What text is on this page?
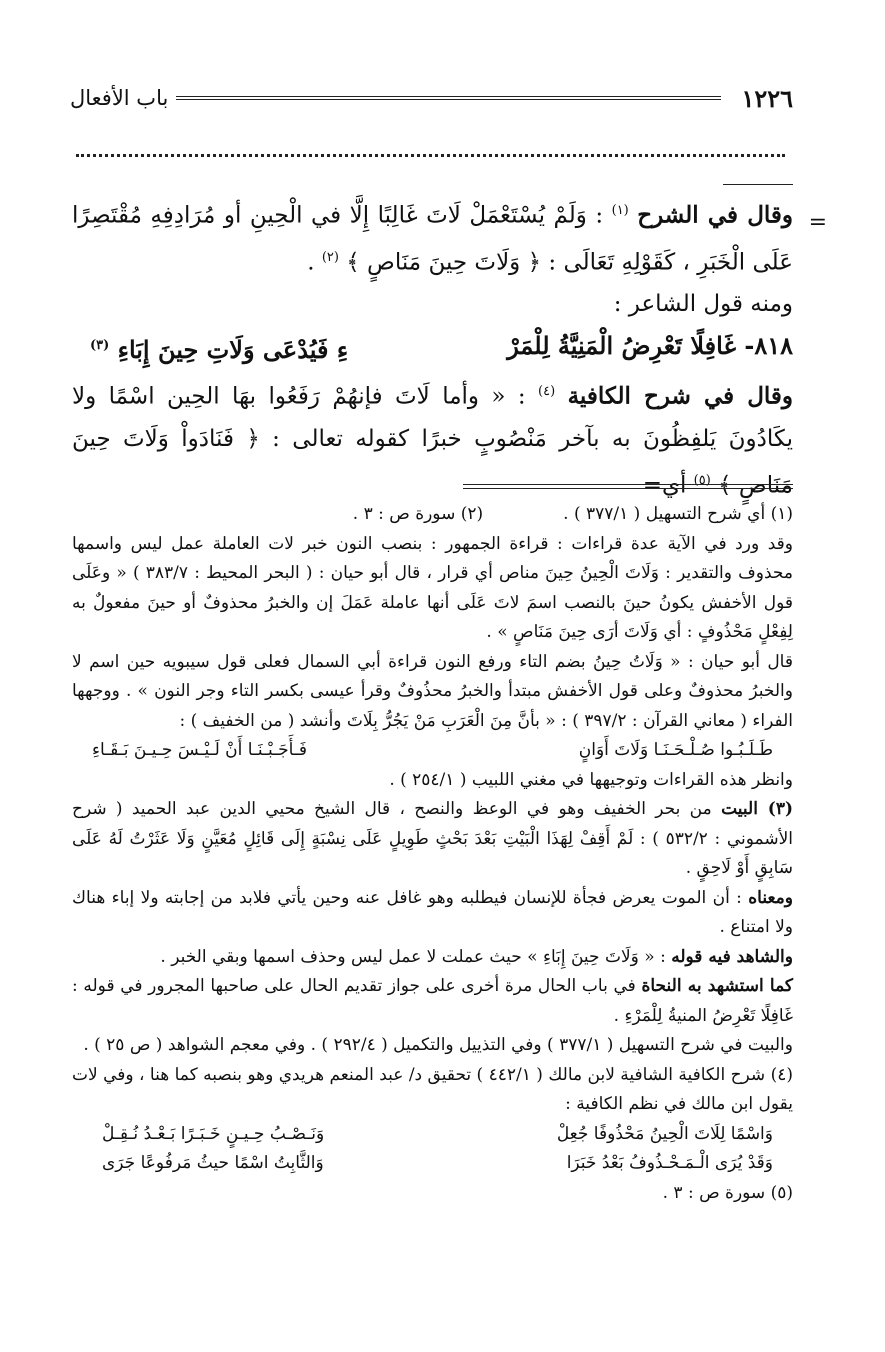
١٢٢٦
باب الأفعال
=

وقال في الشرح $^{(١)}$ : وَلَمْ يُسْتَعْمَلْ لَاتَ غَالِبًا إِلَّا في الْحِينِ أو مُرَادِفِهِ مُقْتَصِرًا عَلَى الْخَبَرِ ، كَقَوْلِهِ تَعَالَى : ﴿ وَلَاتَ حِينَ مَنَاصٍ ﴾ $^{(٢)}$ .

ومنه قول الشاعر :

٨١٨- غَافِلًا تَعْرِضُ الْمَنِيَّةُ لِلْمَرْ
ءِ فَيُدْعَى وَلَاتِ حِينَ إِبَاءِ $^{(٣)}$

وقال في شرح الكافية $^{(٤)}$ : « وأما لَاتَ فإنهُمْ رَفَعُوا بهَا الحِين اسْمًا ولا يكَادُونَ يَلفِظُونَ به بآخر مَنْصُوبٍ خبرًا كقوله تعالى : ﴿ فَنَادَواْ وَلَاتَ حِينَ مَنَاصٍ ﴾ $^{(٥)}$ أي=

(١) أي شرح التسهيل ( ٣٧٧/١ ) .
(٢) سورة ص : ٣ .

وقد ورد في الآية عدة قراءات : قراءة الجمهور : بنصب النون خبر لات العاملة عمل ليس واسمها محذوف والتقدير : وَلَاتَ الْحِينُ حِينَ مناص أي قرار ، قال أبو حيان : ( البحر المحيط : ٣٨٣/٧ ) « وعَلَى قول الأخفش يكونُ حينَ بالنصب اسمَ لاتَ عَلَى أنها عاملة عَمَلَ إن والخبرُ محذوفٌ أو حينَ مفعولٌ به لِفِعْلٍ مَحْذُوفٍ : أي وَلَاتَ أرَى حِينَ مَنَاصٍ » .

قال أبو حيان : « وَلَاتُ حِينُ بضم التاء ورفع النون قراءة أبي السمال فعلى قول سيبويه حين اسم لا والخبرُ محذوفٌ وعلى قول الأخفش مبتدأ والخبرُ محذُوفٌ وقرأ عيسى بكسر التاء وجر النون » . ووجهها الفراء ( معاني القرآن : ٣٩٧/٢ ) : « بأنَّ مِنَ الْعَرَبِ مَنْ يَجُرُّ بِلَاتَ وأنشد ( من الخفيف ) :

طَـلَـبُـوا صُـلْـحَـنَـا وَلَاتَ أَوَانٍ
فَـأَجَـبْـنَـا أَنْ لَـيْـسَ حِـيـنَ بَـقَـاءِ

وانظر هذه القراءات وتوجيهها في مغني اللبيب ( ٢٥٤/١ ) .

(٣) البيت من بحر الخفيف وهو في الوعظ والنصح ، قال الشيخ محيي الدين عبد الحميد ( شرح الأشموني : ٥٣٢/٢ ) : لَمْ أَقِفْ لِهَذَا الْبَيْتِ بَعْدَ بَحْثٍ طَوِيلٍ عَلَى نِسْبَةٍ إِلَى قَائِلٍ مُعَيَّنٍ وَلَا عَثَرْتُ لَهُ عَلَى سَابِقٍ أَوْ لَاحِقٍ .

ومعناه : أن الموت يعرض فجأة للإنسان فيطلبه وهو غافل عنه وحين يأتي فلابد من إجابته ولا إباء هناك ولا امتناع .

والشاهد فيه قوله : « وَلَاتَ حِينَ إِبَاءِ » حيث عملت لا عمل ليس وحذف اسمها وبقي الخبر .

كما استشهد به النحاة في باب الحال مرة أخرى على جواز تقديم الحال على صاحبها المجرور في قوله : غَافِلًا تَعْرِضُ المنيةُ لِلْمَرْءِ .

والبيت في شرح التسهيل ( ٣٧٧/١ ) وفي التذييل والتكميل ( ٢٩٢/٤ ) . وفي معجم الشواهد ( ص ٢٥ ) .

(٤) شرح الكافية الشافية لابن مالك ( ٤٤٢/١ ) تحقيق د/ عبد المنعم هريدي وهو بنصبه كما هنا ، وفي لات يقول ابن مالك في نظم الكافية :

وَاسْمًا لِلَاتَ الْحِينُ مَحْذُوفًا جُعِلْ
وَنَـصْـبُ حِـيـنٍ خَـبَـرًا بَـعْـدُ نُـقِـلْ

وَقَدْ يُرَى الْـمَـحْـذُوفُ بَعْدُ خَبَرَا
وَالثَّابِتُ اسْمًا حيثُ مَرفُوعًا جَرَى

(٥) سورة ص : ٣ .
